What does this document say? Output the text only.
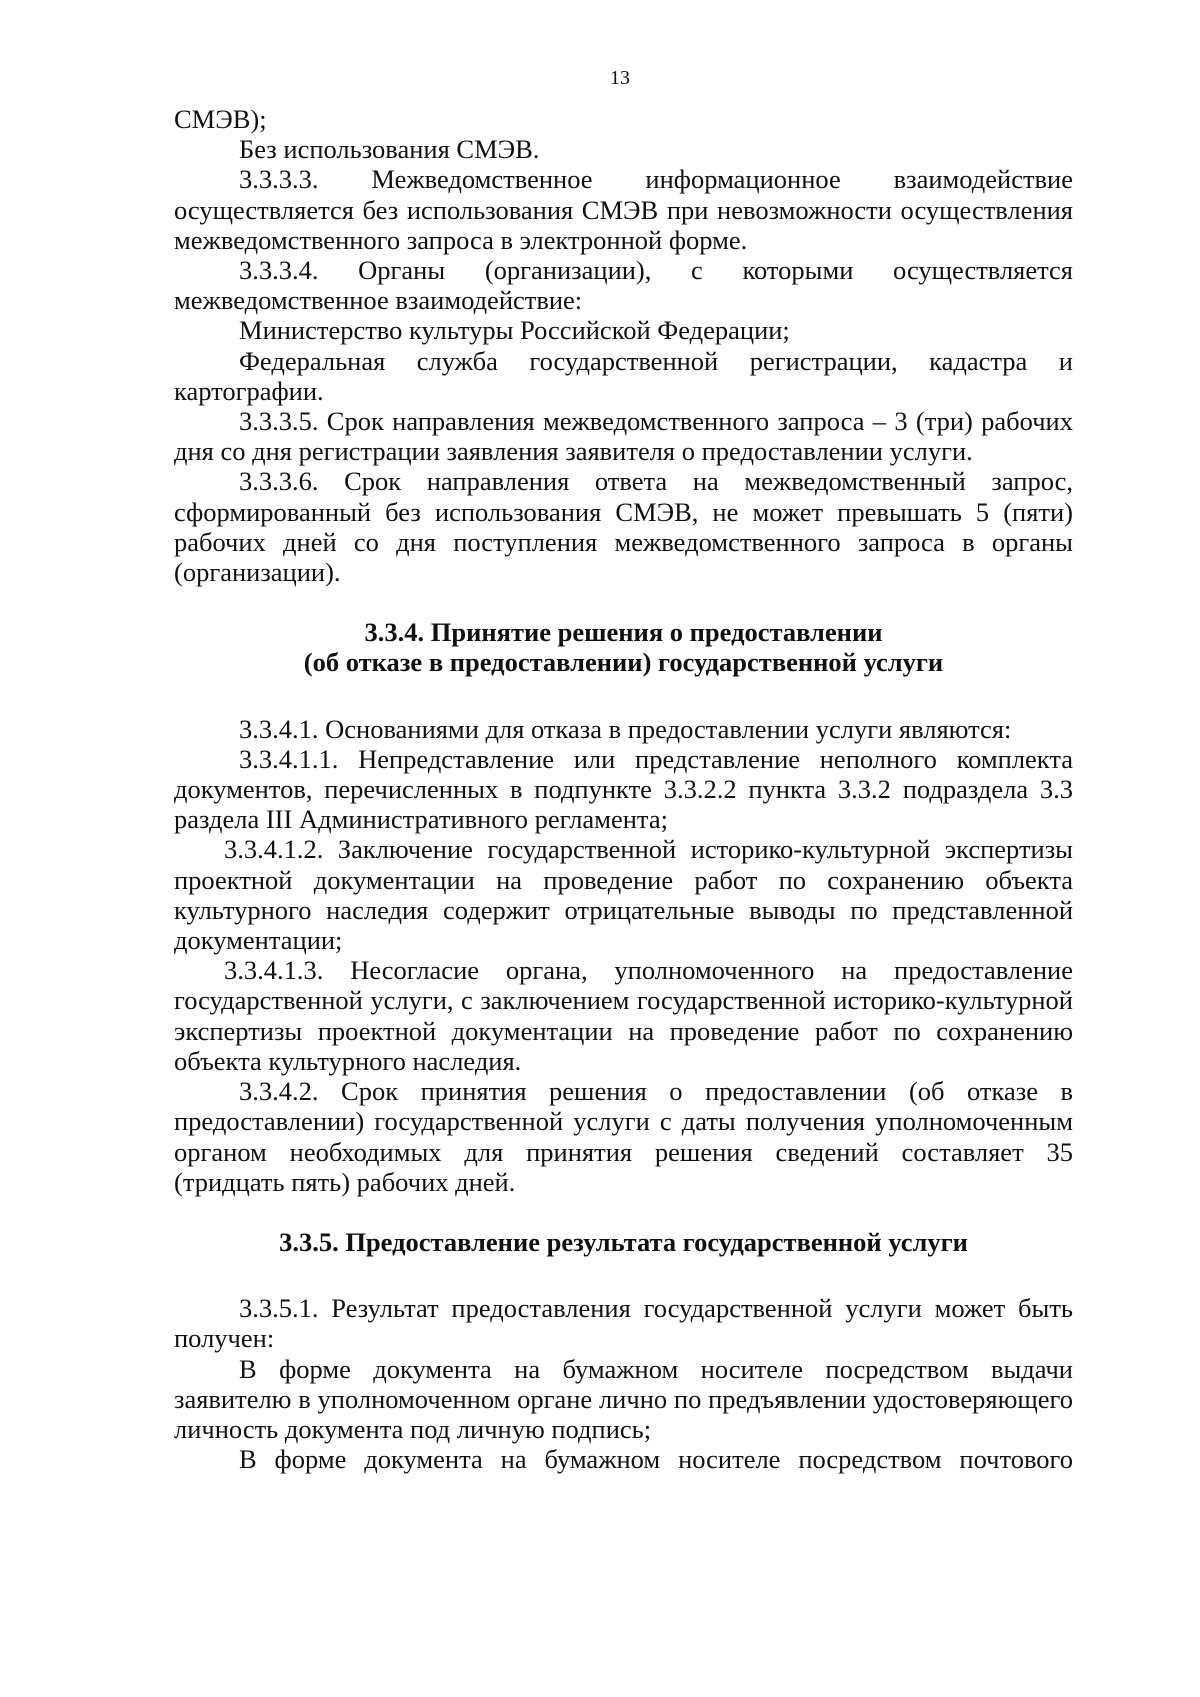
13

СМЭВ);

Без использования СМЭВ.

3.3.3.3. Межведомственное информационное взаимодействие осуществляется без использования СМЭВ при невозможности осуществления межведомственного запроса в электронной форме.

3.3.3.4. Органы (организации), с которыми осуществляется межведомственное взаимодействие:

Министерство культуры Российской Федерации;

Федеральная служба государственной регистрации, кадастра и картографии.

3.3.3.5. Срок направления межведомственного запроса – 3 (три) рабочих дня со дня регистрации заявления заявителя о предоставлении услуги.

3.3.3.6. Срок направления ответа на межведомственный запрос, сформированный без использования СМЭВ, не может превышать 5 (пяти) рабочих дней со дня поступления межведомственного запроса в органы (организации).

3.3.4. Принятие решения о предоставлении
(об отказе в предоставлении) государственной услуги

3.3.4.1. Основаниями для отказа в предоставлении услуги являются:

3.3.4.1.1. Непредставление или представление неполного комплекта документов, перечисленных в подпункте 3.3.2.2 пункта 3.3.2 подраздела 3.3 раздела III Административного регламента;

3.3.4.1.2. Заключение государственной историко-культурной экспертизы проектной документации на проведение работ по сохранению объекта культурного наследия содержит отрицательные выводы по представленной документации;

3.3.4.1.3. Несогласие органа, уполномоченного на предоставление государственной услуги, с заключением государственной историко-культурной экспертизы проектной документации на проведение работ по сохранению объекта культурного наследия.

3.3.4.2. Срок принятия решения о предоставлении (об отказе в предоставлении) государственной услуги с даты получения уполномоченным органом необходимых для принятия решения сведений составляет 35 (тридцать пять) рабочих дней.

3.3.5. Предоставление результата государственной услуги

3.3.5.1. Результат предоставления государственной услуги может быть получен:

В форме документа на бумажном носителе посредством выдачи заявителю в уполномоченном органе лично по предъявлении удостоверяющего личность документа под личную подпись;

В форме документа на бумажном носителе посредством почтового
